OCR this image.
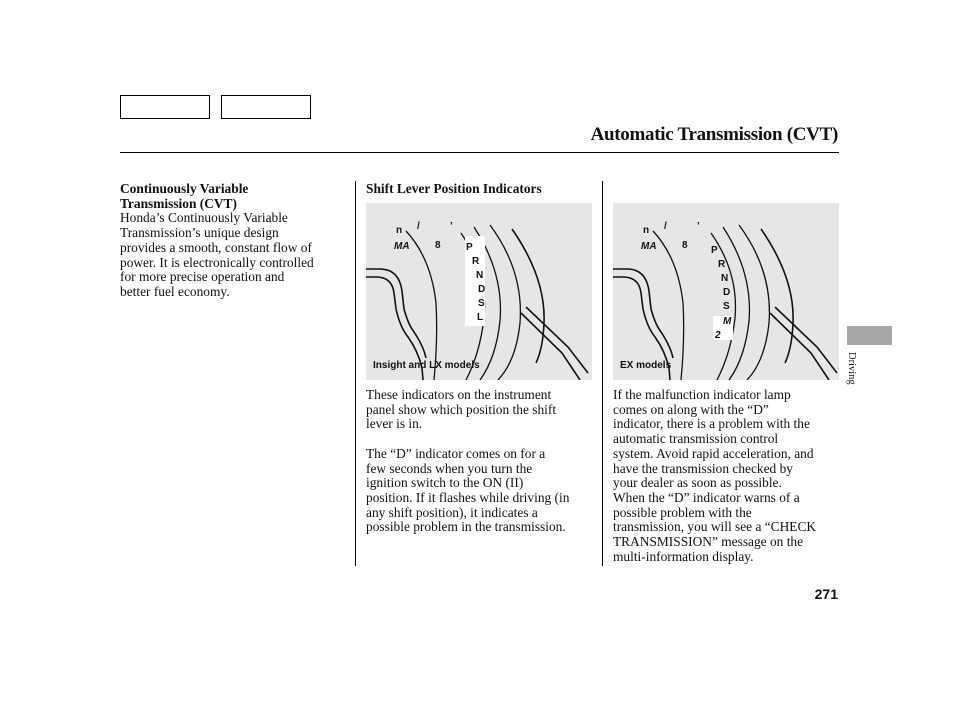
Automatic Transmission (CVT)

Continuously Variable

Transmission (CVT)

Honda’s Continuously Variable

Transmission’s unique design

provides a smooth, constant flow of

power. It is electronically controlled

for more precise operation and

better fuel economy.

Shift Lever Position Indicators
n /	’
ΜA	8	P
R
N
D
S
L
Insight and LX models
n /	’
ΜA	8 P
R
N
D
S
M
2
EX models

These indicators on the instrument

panel show which position the shift

lever is in.

The “D” indicator comes on for a

few seconds when you turn the

ignition switch to the ON (II)

position. If it flashes while driving (in

any shift position), it indicates a

possible problem in the transmission.

If the malfunction indicator lamp

comes on along with the “D”

indicator, there is a problem with the

automatic transmission control

system. Avoid rapid acceleration, and

have the transmission checked by

your dealer as soon as possible.

When the “D” indicator warns of a

possible problem with the

transmission, you will see a “CHECK

TRANSMISSION” message on the

multi-information display.

Driving
271
